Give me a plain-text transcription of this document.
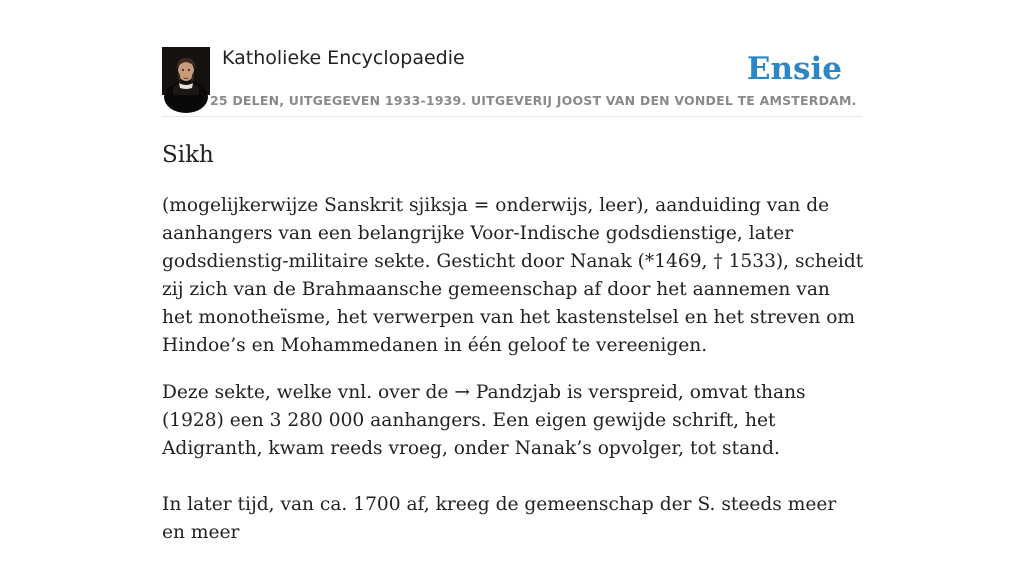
Katholieke Encyclopaedie
25 DELEN, UITGEGEVEN 1933-1939. UITGEVERIJ JOOST VAN DEN VONDEL TE AMSTERDAM.
Ensie
Sikh

(mogelijkerwijze Sanskrit sjiksja = onderwijs, leer), aanduiding van de aanhangers van een belangrijke Voor-Indische godsdienstige, later godsdienstig-militaire sekte. Gesticht door Nanak (*1469, † 1533), scheidt zij zich van de Brahmaansche gemeenschap af door het aannemen van het monotheïsme, het verwerpen van het kastenstelsel en het streven om Hindoe’s en Mohammedanen in één geloof te vereenigen.

Deze sekte, welke vnl. over de → Pandzjab is verspreid, omvat thans (1928) een 3 280 000 aanhangers. Een eigen gewijde schrift, het Adigranth, kwam reeds vroeg, onder Nanak’s opvolger, tot stand.

In later tijd, van ca. 1700 af, kreeg de gemeenschap der S. steeds meer en meer
